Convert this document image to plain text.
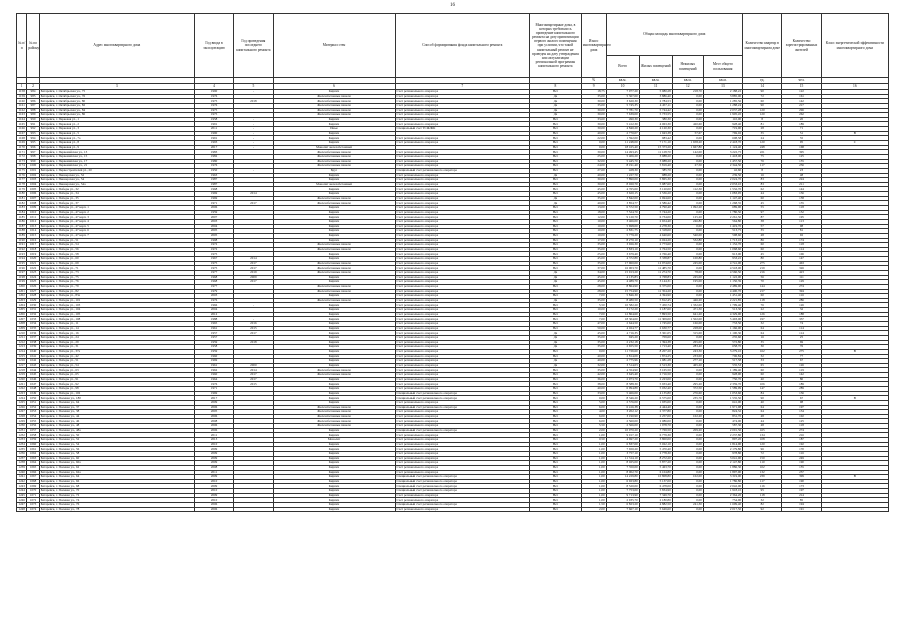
16
№ п/п	№ по району	Адрес многоквартирного дома	Год ввода в эксплуатацию	Год проведения последнего капитального ремонта	Материал стен	Способ формирования фонда капитального ремонта	Многоквартирные дома, в которых требовалось проведение капитального ремонта на дату приватизации первого жилого помещения при условии, что такой капитальный ремонт не проведен на дату утверждения или актуализации региональной программы капитального ремонта	Износ многоквартирного дома	Общая площадь многоквартирного дома				Количество квартир в многоквартирном доме	Количество зарегистрированных жителей	Класс энергетической эффективности многоквартирного дома
									Всего	Жилых помещений	Нежилых помещений	Мест общего пользования			
								%	кв.м.	кв.м.	кв.м.	кв.м.	ед.	чел.	
1	2	3	4	5	6	7	8	9	10	11	12	13	14	15	16
1158	984	Батарейск, г. Октябрьская ул., 75	1990	-	Кирпич	Счет регионального оператора	Нет	18,75	7 077,20	5 980,28	218,70	2 188,22	90	122	
1159	985	Батарейск, г. Октябрьская ул., 76	1976		Железобетонные панели	Счет регионального оператора	Да	35,00	5 367,00	3 886,40	0,00	3 885,00	72	161	
1160	986	Батарейск, г. Октябрьская ул., 80	1975	2018	Железобетонные панели	Счет регионального оператора	Да	30,00	3 620,30	2 784,53	0,00	1 285,56	60	142	
1161	987	Батарейск, г. Октябрьская ул., 82	1976		Железобетонные панели	Счет регионального оператора	Да	35,00	5 745,35	4 457,11	0,00	1 288,24	90	217	
1162	988	Батарейск, г. Октябрьская ул., 84	1975		Железобетонные панели	Счет регионального оператора	Да	30,00	7 781,70	5 744,42	0,00	2 037,28	120	296	
1163	989	Батарейск, г. Октябрьская ул., 86	1975		Железобетонные панели	Счет регионального оператора	Да	30,00	7 639,00	5 733,55	0,00	1 905,45	120	262	
1164	990	Батарейск, г. Парковая ул., 1	1958	-	Кирпич	Счет регионального оператора	Нет	33,60	490,30	380,30	0,00	110,00	8	20	
1165	991	Батарейск, г. Парковая ул., 2	1991	-	Кирпич	Счет регионального оператора	Нет	30,00	5 412,30	4 063,30	420,60	928,40	81	189	
1166	992	Батарейск, г. Парковая ул., 3	2011	-	Иные	Специальный счет ТСЖ/ЖК	Нет	30,00	4 840,20	4 120,30	0,00	719,90	28	71	
1167	993	Батарейск, г. Парковая ул., 5	1990	-	Кирпич		Нет	40,00	2 770,07	1 943,38	57,67	769,02	35	51	В
1168	994	Батарейск, г. Парковая ул., 7а	1991	-	Кирпич	Счет регионального оператора	Нет	22,00	1 592,00	983,42	0,00	608,58	24	55	
1169	995	Батарейск, г. Парковая ул., 8	1993	-	Кирпич	Счет регионального оператора	Нет	0,00	11 248,00	7 171,10	1 658,20	2 418,70	120	95	С
1170	996	Батарейск, г. Парковая ул., 9	2017	-	Монолит железобетонный		Нет	0,00	18 165,40	15 373,20	1 667,80	1 124,40	248	168	
1171	997	Батарейск, г. Первомайская ул., 13	1983		Железобетонные панели	Счет регионального оператора	Нет	30,00	14 493,45	11 128,70	142,00	3 222,75	221	395	
1172	998	Батарейск, г. Первомайская ул., 15	1982		Железобетонные панели	Счет регионального оператора	Нет	25,00	5 406,20	3 988,20	0,00	1 418,00	75	125	
1173	999	Батарейск, г. Первомайская ул., 17	1980		Железобетонные панели	Счет регионального оператора	Нет	32,00	5 445,70	3 988,20	0,00	1 457,50	76	155	
1174	1000	Батарейск, г. Первомайская ул., 21	1976		Железобетонные панели	Счет регионального оператора	Нет	24,00	8 191,40	5 819,40	27,50	2 344,50	117	236	
1175	1001	Батарейск, г. Первостроителей ул., 20	1950	-	Брус	Специальный счет регионального оператора	Нет	27,60	428,30	385,70	0,00	42,60	8	23	
1176	1002	Батарейск, г. Пионерская ул., 52	1963		Кирпич	Счет регионального оператора	Да	40,00	1 227,70	988,20	0,00	239,50	16	48	
1177	1003	Батарейск, г. Пионерская ул., 54	1987		Кирпич	Счет регионального оператора	Нет	30,00	7 890,00	5 865,30	0,00	2 024,70	83	224	
1178	1004	Батарейск, г. Пионерская ул., 54а	1987		Монолит железобетонный	Счет регионального оператора	Нет	30,00	8 020,70	5 987,60	0,00	2 033,10	83	211	
1179	1005	Батарейск, г. Победы ул., 32	1968		Кирпич	Счет регионального оператора	Нет	45,00	4 765,00	3 120,00	112,30	1 532,70	62	144	
1180	1006	Батарейск, г. Победы ул., 34	1969	2014	Кирпич	Счет регионального оператора	Нет	45,00	3 620,15	2 536,20	0,00	1 083,95	44	136	
1181	1007	Батарейск, г. Победы ул., 35	1969		Железобетонные панели	Счет регионального оператора	Да	35,00	3 842,00	2 694,60	0,00	1 147,40	60	158	
1182	1008	Батарейск, г. Победы ул., 37	1971	2017	Железобетонные панели	Счет регионального оператора	Да	40,00	3 854,77	2 586,42	0,00	1 268,35	45	135	
1183	1009	Батарейск, г. Победы ул., 47 корп. 1	2006		Кирпич	Счет регионального оператора	Нет	13,00	6 572,50	4 790,40	1 092,20	689,90	55	118	
1184	1010	Батарейск, г. Победы ул., 47 корп. 2	1959		Кирпич	Счет регионального оператора	Нет	18,00	7 524,70	5 744,20	0,00	1 780,50	97	152	
1185	1011	Батарейск, г. Победы ул., 47 корп. 3	2007		Кирпич	Счет регионального оператора	Нет	12,00	9 120,70	6 734,00	125,20	2 261,50	87	195	
1186	1012	Батарейск, г. Победы ул., 47 корп. 4	2003		Кирпич	Счет регионального оператора	Нет	10,00	3 466,00	2 654,40	246,80	564,80	38	113	
1187	1013	Батарейск, г. Победы ул., 47 корп. 5	2004		Кирпич	Счет регионального оператора	Нет	10,00	5 698,00	4 278,30	0,00	1 419,70	57	98	
1188	1014	Батарейск, г. Победы ул., 47 корп. 6	2005		Кирпич	Счет регионального оператора	Нет	10,00	2 831,75	2 318,00	0,00	513,75	35	81	
1189	1015	Батарейск, г. Победы ул., 47 корп. 7	2005		Кирпич	Счет регионального оператора	Нет	10,00	5 779,20	4 640,60	540,00	598,60	48	92	
1190	1016	Батарейск, г. Победы ул., 51	1998		Кирпич	Счет регионального оператора	Нет	17,00	8 270,10	6 024,20	532,80	1 713,10	86	174	
1191	1017	Батарейск, г. Победы ул., 54	1972		Железобетонные панели	Счет регионального оператора	Нет	35,00	3 926,30	2 773,60	0,00	1 152,70	60	118	
1192	1018	Батарейск, г. Победы ул., 56	1972		Железобетонные панели	Счет регионального оператора	Нет	35,00	3 833,10	2 764,50	0,00	1 068,60	60	114	
1193	1019	Батарейск, г. Победы ул., 58	1975		Кирпич	Счет регионального оператора	Нет	25,00	3 679,40	2 766,40	0,00	913,00	45	106	
1194	1020	Батарейск, г. Победы ул., 60	1967	2014	Кирпич	Счет регионального оператора	Нет	45,00	4 372,89	3 338,87	100,80	933,22	80	147	
1195	1021	Батарейск, г. Победы ул., 69	1975	2017	Железобетонные панели	Счет регионального оператора	Нет	35,00	17 960,00	12 974,00	245,00	4 741,00	275	463	
1196	1022	Батарейск, г. Победы ул., 71	1975	2017	Железобетонные панели	Счет регионального оператора	Нет	37,00	16 003,70	11 485,70	0,00	4 518,00	219	326	
1197	1023	Батарейск, г. Победы ул., 73	1977	2019	Железобетонные панели	Счет регионального оператора	Да	34,00	15 913,20	11 274,70	78,00	4 560,50	216	423	
1198	1024	Батарейск, г. Победы ул., 75	1968	2009	Кирпич	Счет регионального оператора	Да	45,00	4 135,83	2 768,83	245,00	1 122,00	56	111	
1199	1025	Батарейск, г. Победы ул., 76	1968	2017	Кирпич	Счет регионального оператора	Да	45,00	4 489,70	3 144,31	195,00	1 150,39	70	129	
1200	1026	Батарейск, г. Победы ул., 79	1977		Железобетонные панели	Счет регионального оператора	Нет	28,00	8 864,90	6 375,00	0,00	2 489,90	144	274	
1201	1027	Батарейск, г. Победы ул., 82	1979		Железобетонные панели	Счет регионального оператора	Нет	28,00	15 754,90	11 354,20	0,00	4 400,70	217	394	
1202	1028	Батарейск, г. Победы ул., 83а	2003		Кирпич	Счет регионального оператора	Нет	7,00	5 846,30	4 394,90	0,00	1 451,40	60	116	
1203	1029	Батарейск, г. Победы ул., 101	1976		Железобетонные панели	Счет регионального оператора	Да	35,00	8 480,50	5 812,45	446,20	2 221,85	118	286	
1204	1030	Батарейск, г. Победы ул., 103	1966	-	Кирпич	Счет регионального оператора	Нет	5,50	10 582,20	7 450,74	1 332,00	1 799,46	76	126	
1205	1031	Батарейск, г. Победы ул., 104	2004		Кирпич	Счет регионального оператора	Нет	10,00	3 172,20	2 187,60	471,30	513,30	22	32	
1206	1032	Батарейск, г. Победы ул., 105	2012		Кирпич	Счет регионального оператора	Нет	7,00	12 864,60	7 893,50	641,20	4 329,90	126	188	
1207	1033	Батарейск, г. Победы ул., 108	1988	-	Кирпич	Счет регионального оператора	Нет	7,00	18 304,00	11 309,00	1 502,00	5 493,00	197	337	
1208	1034	Батарейск, г. Победы ул., 11	1965	2016	Кирпич	Счет регионального оператора	Нет	47,00	2 644,50	1 745,00	166,00	733,50	32	74	
1209	1035	Батарейск, г. Победы ул., 14	1961	2015	Кирпич	Счет регионального оператора	Нет	50,00	4 024,77	2 630,77	228,00	1 166,00	64	114	
1210	1036	Батарейск, г. Победы ул., 16	1957	2017	Кирпич	Счет регионального оператора	Да	45,00	4 716,35	3 301,05	315,00	1 100,30	64	114	
1211	1037	Батарейск, г. Победы ул., 24	1957		Кирпич	Счет регионального оператора	Да	35,00	945,20	709,60	0,00	235,60	16	25	
1212	1038	Батарейск, г. Победы ул., 29	1959	2018	Кирпич	Счет регионального оператора	Да	35,00	2 232,18	1 394,38	265,00	572,80	35	69	
1213	1039	Батарейск, г. Победы ул., 31	1958		Кирпич	Счет регионального оператора	Да	35,00	2 655,50	1 713,40	283,40	658,70	30	76	
1214	1040	Батарейск, г. Победы ул., 37а	1959		Кирпич	Счет регионального оператора	Нет	0,00	11 729,60	8 207,20	243,30	3 279,10	162	275	В
1215	1041	Батарейск, г. Победы ул., 42	1960		Кирпич	Счет регионального оператора	Нет	40,00	2 814,09	1 874,25	233,00	706,84	32	77	
1216	1042	Батарейск, г. Победы ул., 51	1969		Кирпич	Счет регионального оператора	Да	40,00	2 775,96	1 981,28	277,10	517,58	33	67	
1217	1043	Батарейск, г. Победы ул., 54	1961	2000	Кирпич	Счет регионального оператора	Да	32,00	3 514,03	2 513,30	465,20	535,53	65	126	
1218	1044	Батарейск, г. Победы ул., 63	1962	2014	Железобетонные панели	Счет регионального оператора	Нет	35,00	4 354,90	3 165,50	0,00	1 189,40	60	119	
1219	1045	Батарейск, г. Победы ул., 65	1960	2017	Железобетонные панели	Счет регионального оператора	Нет	42,00	3 645,40	2 716,50	0,00	928,90	60	142	
1220	1046	Батарейск, г. Победы ул., 91	1964	2017	Кирпич	Счет регионального оператора	Нет	36,00	2 973,70	2 223,00	0,00	750,70	40	80	
1221	1047	Батарейск, г. Победы ул., 92	1976	2015	Кирпич	Счет регионального оператора	Нет	38,00	8 588,30	5 933,40	295,20	2 359,70	106	189	
1222	1048	Батарейск, г. Победы ул., 98	1971		Кирпич	Счет регионального оператора	Нет	40,00	6 994,89	5 032,40	372,50	1 589,99	147	289	
1223	1049	Батарейск, г. Победы ул., 102	1969		Кирпич	Специальный счет регионального оператора	Нет	33,00	5 466,00	4 135,80	276,60	1 053,60	84	136	
1224	1050	Батарейск, г. Полевая ул., 180	2017		Кирпич	Специальный счет регионального оператора	Нет	0,00	8 346,20	6 575,00	235,70	1 535,50	90	67	В
1225	1051	Батарейск, г. Полевая ул., 64	2009		Кирпич	Счет регионального оператора	Нет	5,00	2 576,00	1 935,00	0,00	641,00	40	98	
1226	1052	Батарейск, г. Полевая ул., 37	2006		Железобетонные панели	Специальный счет регионального оператора	Нет	6,00	6 416,38	4 444,40	0,00	1 971,98	64	197	
1227	1053	Батарейск, г. Полевая ул., 38	2005		Железобетонные панели	Счет регионального оператора	Нет	4,00	3 202,12	2 377,80	0,00	824,32	64	134	
1228	1054	Батарейск, г. Полевая ул., 44	2006		Железобетонные панели	Счет регионального оператора	Нет	6,00	3 190,90	2 257,00	102,20	831,70	48	102	
1229	1055	Батарейск, г. Полевая ул., 46	2008		Железобетонные панели	Счет регионального оператора	Нет	6,00	2 560,00	2 086,00	0,00	474,00	44	125	
1230	1056	Батарейск, г. Полевая ул., 48	2006		Железобетонные панели	Счет регионального оператора	Нет	5,50	2 566,00	1 978,70	0,00	587,30	48	118	
1231	1057	Батарейск, г. Полевая ул., 48а	2006		Кирпич	Специальный счет регионального оператора	Нет	2,00	10 070,20	7 769,50	209,20	2 091,50	165	274	
1232	1058	Батарейск, г. Полевая ул., 50	2011		Кирпич	Счет регионального оператора	Нет	1,00	9 017,10	6 779,30	0,00	2 237,80	134	216	
1233	1059	Батарейск, г. Полевая ул., 52	2013		Монолит	Счет регионального оператора	Нет	0,50	4 697,20	3 800,00	0,00	897,20	108	187	
1234	1060	Батарейск, г. Полевая ул., 54	2010		Кирпич	Счет регионального оператора	Нет	1,00	6 837,00	5 022,10	0,00	1 814,90	120	192	
1235	1061	Батарейск, г. Полевая ул., 56	2009		Кирпич	Счет регионального оператора	Нет	1,00	7 650,20	5 470,40	0,00	2 179,80	96	170	
1236	1062	Батарейск, г. Полевая ул., 58	2009		Кирпич	Счет регионального оператора	Нет	1,00	3 757,10	2 778,30	0,00	978,80	72	116	
1237	1063	Батарейск, г. Полевая ул., 60	2009		Кирпич	Счет регионального оператора	Нет	1,00	11 314,10	8 272,20	0,00	3 041,90	150	249	
1238	1064	Батарейск, г. Полевая ул., 60а	2009		Кирпич	Счет регионального оператора	Нет	1,00	8 025,00	5 877,20	0,00	2 147,80	110	190	
1239	1065	Батарейск, г. Полевая ул., 62	2008		Кирпич	Счет регионального оператора	Нет	1,00	7 350,00	5 463,70	0,00	1 886,30	102	155	
1240	1066	Батарейск, г. Полевая ул., 62а	2011		Кирпич	Счет регионального оператора	Нет	1,00	8 002,70	6 104,80	0,00	1 897,90	132	257	
1241	1067	Батарейск, г. Полевая ул., 64	2009		Кирпич	Специальный счет регионального оператора	Нет	1,00	14 229,80	10 808,80	102,00	3 319,00	239	399	В
1242	1068	Батарейск, г. Полевая ул., 66	2010		Кирпич	Специальный счет регионального оператора	Нет	1,00	6 923,80	5 137,00	0,00	1 786,80	117	190	
1243	1069	Батарейск, г. Полевая ул., 68	2009		Кирпич	Специальный счет регионального оператора	Нет	1,00	8 520,00	6 478,00	0,00	2 042,00	116	173	
1244	1070	Батарейск, г. Полевая ул., 70	2010		Кирпич	Специальный счет регионального оператора	Нет	1,00	7 753,00	5 834,90	0,00	1 918,10	95	197	
1245	1071	Батарейск, г. Полевая ул., 72	2009		Кирпич	Счет регионального оператора	Нет	1,00	9 713,90	7 349,70	0,00	2 364,20	118	214	
1246	1072	Батарейск, г. Полевая ул., 74	2010		Кирпич	Счет регионального оператора	Нет	1,00	2 935,70	2 180,80	0,00	754,90	32	85	
1247	1073	Батарейск, г. Полевая ул., 76	2006		Кирпич	Специальный счет регионального оператора	Нет	1,50	6 823,20	4 882,50	241,30	1 699,40	82	194	
1248	1074	Батарейск, г. Полевая ул., 78	2006		Кирпич	Счет регионального оператора	Нет	2,00	7 667,10	5 649,60	0,00	2 017,50	92	191	
